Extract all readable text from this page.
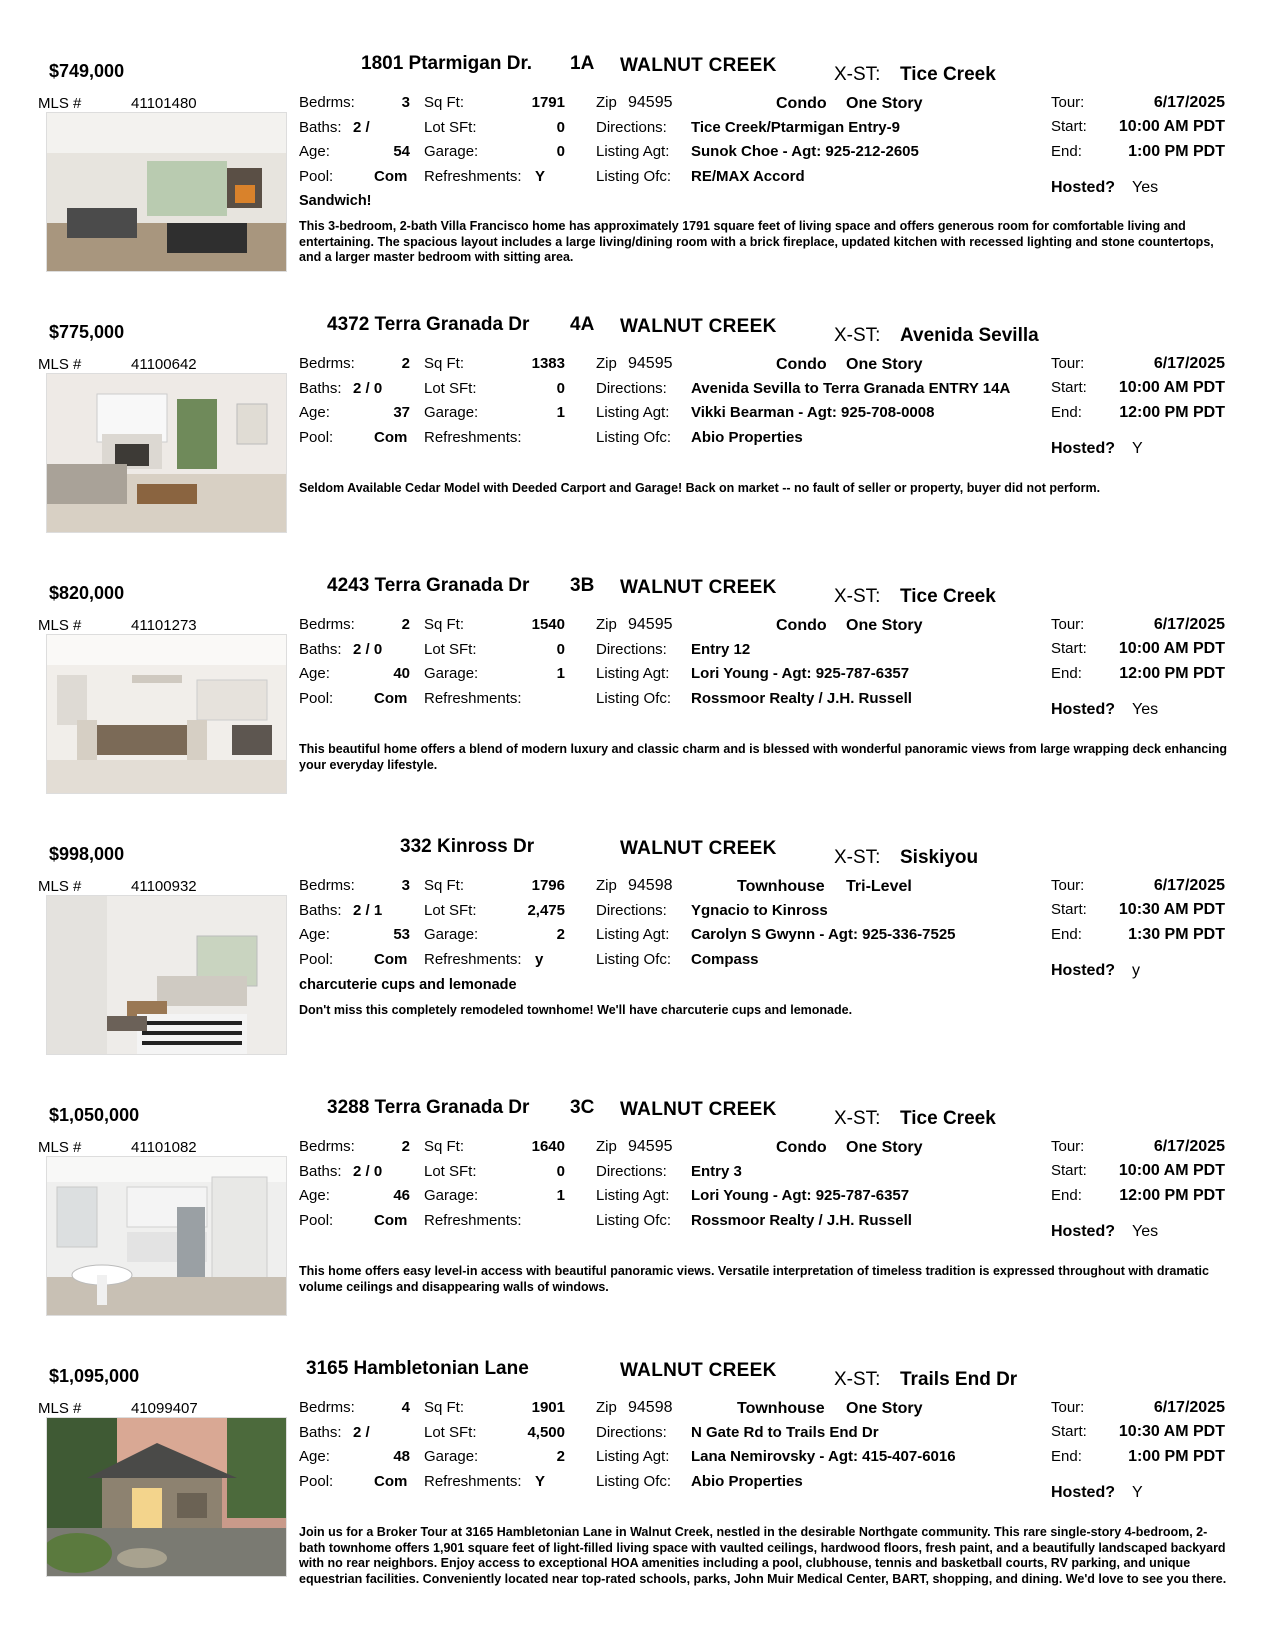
$749,000	1801 Ptarmigan Dr. 1A WALNUT CREEK	X-ST: Tice Creek
MLS #	41101480	Bedrms:	3 Sq Ft:	1791
Baths: 2 /	Lot SFt:	0
Age:	54 Garage:	0
Pool:	Com Refreshments: Y
Zip 94595	Condo One Story
Directions: Tice Creek/Ptarmigan Entry-9
Listing Agt: Sunok Choe - Agt: 925-212-2605
Listing Ofc: RE/MAX Accord
Tour:	6/17/2025
Start:	10:00 AM PDT
End:	1:00 PM PDT
Hosted? Yes
Sandwich!
This 3-bedroom, 2-bath Villa Francisco home has approximately 1791 square feet of living space and offers generous room for comfortable living and entertaining. The spacious layout includes a large living/dining room with a brick fireplace, updated kitchen with recessed lighting and stone countertops, and a larger master bedroom with sitting area.
$775,000	4372 Terra Granada Dr 4A WALNUT CREEK	X-ST: Avenida Sevilla
MLS #	41100642	Bedrms:	2 Sq Ft:	1383
Baths: 2 / 0	Lot SFt:	0
Age:	37 Garage:	1
Pool:	Com Refreshments:
Zip 94595	Condo One Story
Directions: Avenida Sevilla to Terra Granada ENTRY 14A
Listing Agt: Vikki Bearman - Agt: 925-708-0008
Listing Ofc: Abio Properties
Tour:	6/17/2025
Start:	10:00 AM PDT
End:	12:00 PM PDT
Hosted? Y
Seldom Available Cedar Model with Deeded Carport and Garage! Back on market -- no fault of seller or property, buyer did not perform.
$820,000	4243 Terra Granada Dr 3B WALNUT CREEK	X-ST: Tice Creek
MLS #	41101273	Bedrms:	2 Sq Ft:	1540
Baths: 2 / 0	Lot SFt:	0
Age:	40 Garage:	1
Pool:	Com Refreshments:
Zip 94595	Condo One Story
Directions: Entry 12
Listing Agt: Lori Young - Agt: 925-787-6357
Listing Ofc: Rossmoor Realty / J.H. Russell
Tour:	6/17/2025
Start:	10:00 AM PDT
End:	12:00 PM PDT
Hosted? Yes
This beautiful home offers a blend of modern luxury and classic charm and is blessed with wonderful panoramic views from large wrapping deck enhancing your everyday lifestyle.
$998,000	332 Kinross Dr	WALNUT CREEK	X-ST: Siskiyou
MLS #	41100932	Bedrms:	3 Sq Ft:	1796
Baths: 2 / 1	Lot SFt:	2,475
Age:	53 Garage:	2
Pool:	Com Refreshments: y
Zip 94598	Townhouse Tri-Level
Directions: Ygnacio to Kinross
Listing Agt: Carolyn S Gwynn - Agt: 925-336-7525
Listing Ofc: Compass
Tour:	6/17/2025
Start:	10:30 AM PDT
End:	1:30 PM PDT
Hosted? y
charcuterie cups and lemonade
Don't miss this completely remodeled townhome! We'll have charcuterie cups and lemonade.
$1,050,000	3288 Terra Granada Dr 3C WALNUT CREEK	X-ST: Tice Creek
MLS #	41101082	Bedrms:	2 Sq Ft:	1640
Baths: 2 / 0	Lot SFt:	0
Age:	46 Garage:	1
Pool:	Com Refreshments:
Zip 94595	Condo One Story
Directions: Entry 3
Listing Agt: Lori Young - Agt: 925-787-6357
Listing Ofc: Rossmoor Realty / J.H. Russell
Tour:	6/17/2025
Start:	10:00 AM PDT
End:	12:00 PM PDT
Hosted? Yes
This home offers easy level-in access with beautiful panoramic views. Versatile interpretation of timeless tradition is expressed throughout with dramatic volume ceilings and disappearing walls of windows.
$1,095,000	3165 Hambletonian Lane	WALNUT CREEK	X-ST: Trails End Dr
MLS #	41099407	Bedrms:	4 Sq Ft:	1901
Baths: 2 /	Lot SFt:	4,500
Age:	48 Garage:	2
Pool:	Com Refreshments: Y
Zip 94598	Townhouse One Story
Directions: N Gate Rd to Trails End Dr
Listing Agt: Lana Nemirovsky - Agt: 415-407-6016
Listing Ofc: Abio Properties
Tour:	6/17/2025
Start:	10:30 AM PDT
End:	1:00 PM PDT
Hosted? Y
Join us for a Broker Tour at 3165 Hambletonian Lane in Walnut Creek, nestled in the desirable Northgate community. This rare single-story 4-bedroom, 2-bath townhome offers 1,901 square feet of light-filled living space with vaulted ceilings, hardwood floors, fresh paint, and a beautifully landscaped backyard with no rear neighbors. Enjoy access to exceptional HOA amenities including a pool, clubhouse, tennis and basketball courts, RV parking, and unique equestrian facilities. Conveniently located near top-rated schools, parks, John Muir Medical Center, BART, shopping, and dining. We'd love to see you there.
